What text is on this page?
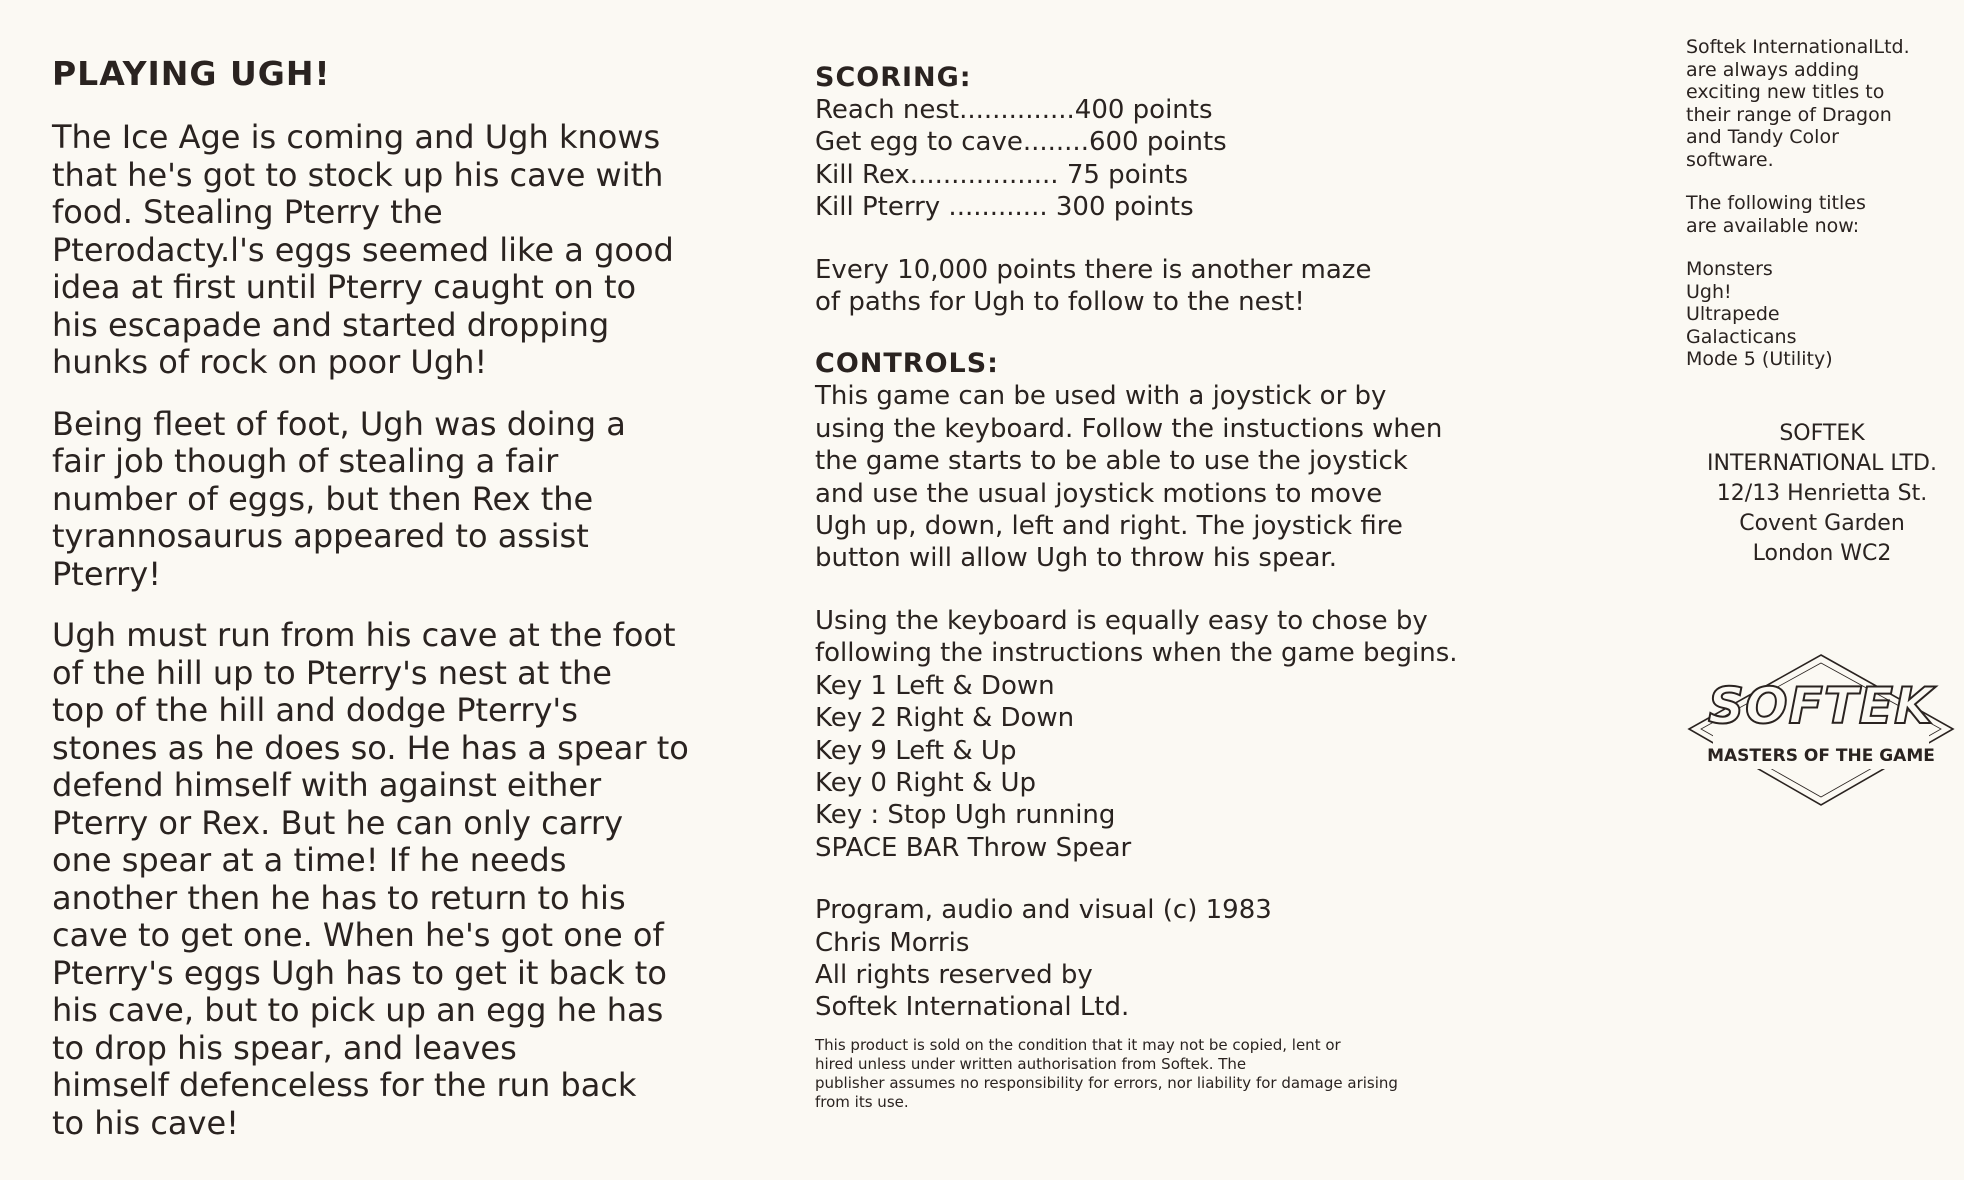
PLAYING UGH!

The Ice Age is coming and Ugh knows
that he's got to stock up his cave with
food. Stealing Pterry the
Pterodacty.l's eggs seemed like a good
idea at first until Pterry caught on to
his escapade and started dropping
hunks of rock on poor Ugh!

Being fleet of foot, Ugh was doing a
fair job though of stealing a fair
number of eggs, but then Rex the
tyrannosaurus appeared to assist
Pterry!

Ugh must run from his cave at the foot
of the hill up to Pterry's nest at the
top of the hill and dodge Pterry's
stones as he does so. He has a spear to
defend himself with against either
Pterry or Rex. But he can only carry
one spear at a time! If he needs
another then he has to return to his
cave to get one. When he's got one of
Pterry's eggs Ugh has to get it back to
his cave, but to pick up an egg he has
to drop his spear, and leaves
himself defenceless for the run back
to his cave!

SCORING:
Reach nest..............400 points
Get egg to cave........600 points
Kill Rex.................. 75 points
Kill Pterry ............ 300 points
Every 10,000 points there is another maze
of paths for Ugh to follow to the nest!
CONTROLS:
This game can be used with a joystick or by
using the keyboard. Follow the instuctions when
the game starts to be able to use the joystick
and use the usual joystick motions to move
Ugh up, down, left and right. The joystick fire
button will allow Ugh to throw his spear.
Using the keyboard is equally easy to chose by
following the instructions when the game begins.
Key 1 Left & Down
Key 2 Right & Down
Key 9 Left & Up
Key 0 Right & Up
Key : Stop Ugh running
SPACE BAR Throw Spear
Program, audio and visual (c) 1983
Chris Morris
All rights reserved by
Softek International Ltd.
This product is sold on the condition that it may not be copied, lent or
hired unless under written authorisation from Softek. The
publisher assumes no responsibility for errors, nor liability for damage arising
from its use.
Softek InternationalLtd.
are always adding
exciting new titles to
their range of Dragon
and Tandy Color
software.
The following titles
are available now:
Monsters
Ugh!
Ultrapede
Galacticans
Mode 5 (Utility)
SOFTEK
INTERNATIONAL LTD.
12/13 Henrietta St.
Covent Garden
London WC2
SOFTEK
MASTERS OF THE GAME
